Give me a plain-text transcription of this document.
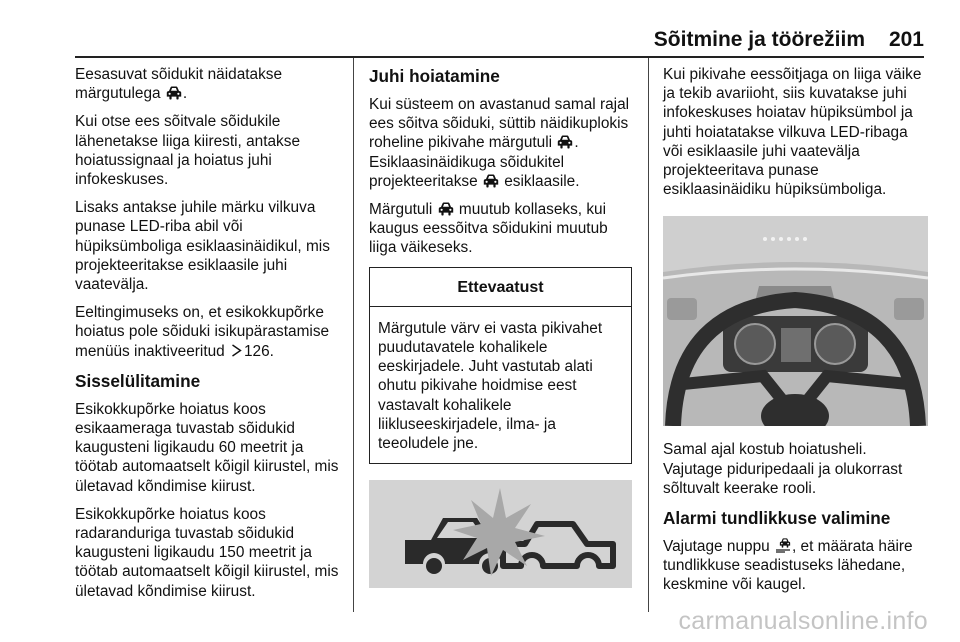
Sõitmine ja töörežiim 201

Eesasuvat sõidukit näidatakse märgutulega .

Kui otse ees sõitvale sõidukile lähenetakse liiga kiiresti, antakse hoiatussignaal ja hoiatus juhi infokeskuses.

Lisaks antakse juhile märku vilkuva punase LED-riba abil või hüpiksümboliga esiklaasinäidikul, mis projekteeritakse esiklaasile juhi vaatevälja.

Eeltingimuseks on, et esikokkupõrke hoiatus pole sõiduki isikupärastamise menüüs inaktiveeritud 126.

Sisselülitamine

Esikokkupõrke hoiatus koos esikaameraga tuvastab sõidukid kaugusteni ligikaudu 60 meetrit ja töötab automaatselt kõigil kiirustel, mis ületavad kõndimise kiirust.

Esikokkupõrke hoiatus koos radaranduriga tuvastab sõidukid kaugusteni ligikaudu 150 meetrit ja töötab automaatselt kõigil kiirustel, mis ületavad kõndimise kiirust.

Juhi hoiatamine

Kui süsteem on avastanud samal rajal ees sõitva sõiduki, süttib näidikuplokis roheline pikivahe märgutuli . Esiklaasinäidikuga sõidukitel projekteeritakse esiklaasile.

Märgutuli muutub kollaseks, kui kaugus eessõitva sõidukini muutub liiga väikeseks.

Ettevaatust
Märgutule värv ei vasta pikivahet puudutavatele kohalikele eeskirjadele. Juht vastutab alati ohutu pikivahe hoidmise eest vastavalt kohalikele liikluseeskirjadele, ilma- ja teeoludele jne.

Kui pikivahe eessõitjaga on liiga väike ja tekib avariioht, siis kuvatakse juhi infokeskuses hoiatav hüpiksümbol ja juhti hoiatatakse vilkuva LED-ribaga või esiklaasile juhi vaatevälja projekteeritava punase esiklaasinäidiku hüpiksümboliga.

Samal ajal kostub hoiatusheli. Vajutage piduripedaali ja olukorrast sõltuvalt keerake rooli.

Alarmi tundlikkuse valimine

Vajutage nuppu , et määrata häire tundlikkuse seadistuseks lähedane, keskmine või kaugel.

carmanualsonline.info
